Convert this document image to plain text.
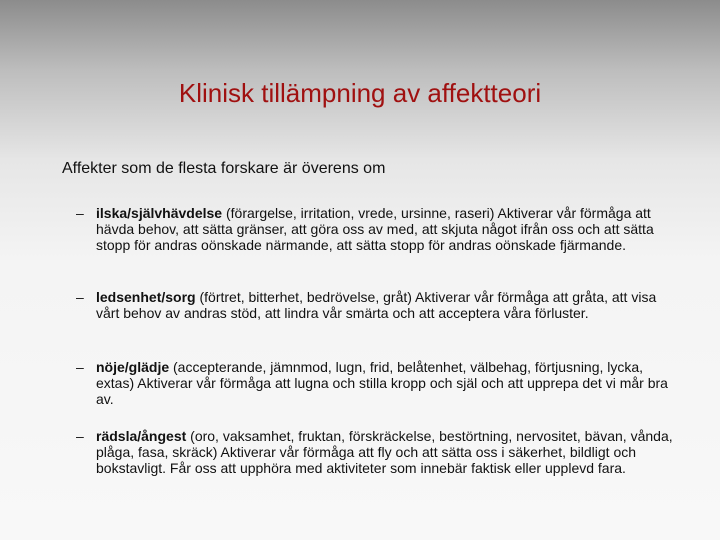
Klinisk tillämpning av affektteori
Affekter som de flesta forskare är överens om
– ilska/självhävdelse (förargelse, irritation, vrede, ursinne, raseri) Aktiverar vår förmåga att hävda behov, att sätta gränser, att göra oss av med, att skjuta något ifrån oss och att sätta stopp för andras oönskade närmande, att sätta stopp för andras oönskade fjärmande.
– ledsenhet/sorg (förtret, bitterhet, bedrövelse, gråt) Aktiverar vår förmåga att gråta, att visa vårt behov av andras stöd, att lindra vår smärta och att acceptera våra förluster.
– nöje/glädje (accepterande, jämnmod, lugn, frid, belåtenhet, välbehag, förtjusning, lycka, extas) Aktiverar vår förmåga att lugna och stilla kropp och själ och att upprepa det vi mår bra av.
– rädsla/ångest (oro, vaksamhet, fruktan, förskräckelse, bestörtning, nervositet, bävan, vånda, plåga, fasa, skräck) Aktiverar vår förmåga att fly och att sätta oss i säkerhet, bildligt och bokstavligt. Får oss att upphöra med aktiviteter som innebär faktisk eller upplevd fara.
